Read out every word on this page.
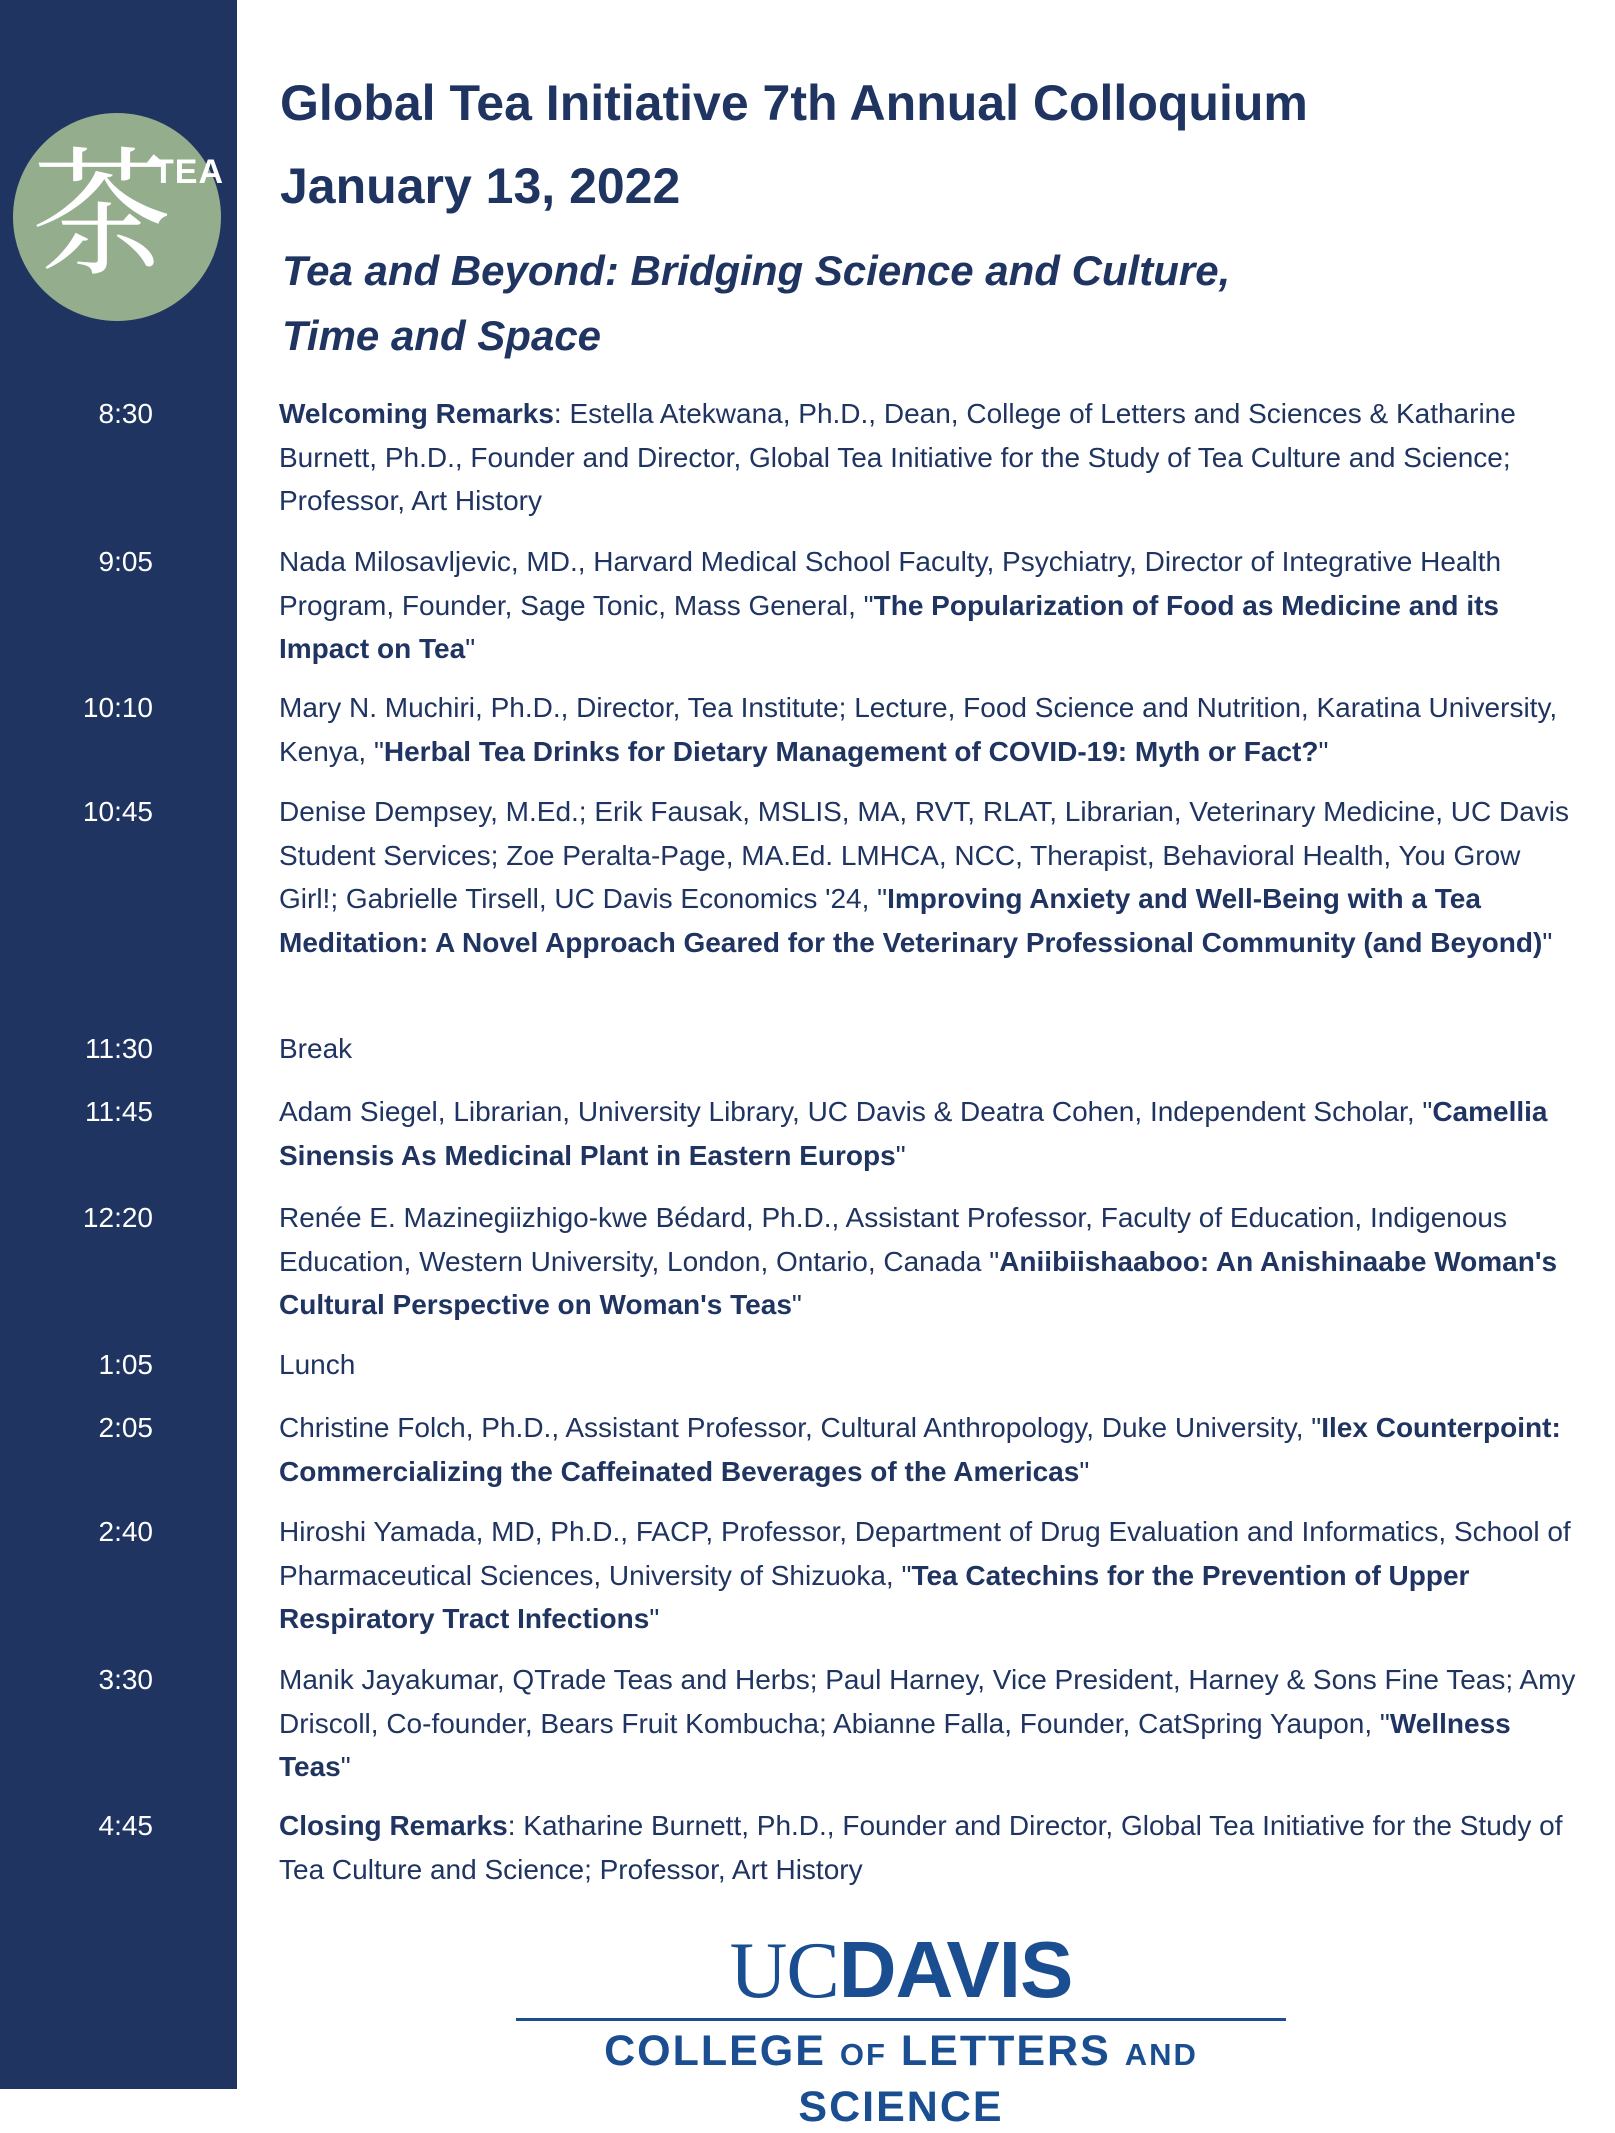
茶
TEA
Global Tea Initiative 7th Annual Colloquium
January 13, 2022
Tea and Beyond: Bridging Science and Culture,
Time and Space
8:30	Welcoming Remarks: Estella Atekwana, Ph.D., Dean, College of Letters and Sciences & Katharine Burnett, Ph.D., Founder and Director, Global Tea Initiative for the Study of Tea Culture and Science; Professor, Art History
9:05	Nada Milosavljevic, MD., Harvard Medical School Faculty, Psychiatry, Director of Integrative Health Program, Founder, Sage Tonic, Mass General, "The Popularization of Food as Medicine and its Impact on Tea"
10:10	Mary N. Muchiri, Ph.D., Director, Tea Institute; Lecture, Food Science and Nutrition, Karatina University, Kenya, "Herbal Tea Drinks for Dietary Management of COVID-19: Myth or Fact?"
10:45	Denise Dempsey, M.Ed.; Erik Fausak, MSLIS, MA, RVT, RLAT, Librarian, Veterinary Medicine, UC Davis Student Services; Zoe Peralta-Page, MA.Ed. LMHCA, NCC, Therapist, Behavioral Health, You Grow Girl!; Gabrielle Tirsell, UC Davis Economics '24, "Improving Anxiety and Well-Being with a Tea Meditation: A Novel Approach Geared for the Veterinary Professional Community (and Beyond)"
11:30	Break
11:45	Adam Siegel, Librarian, University Library, UC Davis & Deatra Cohen, Independent Scholar, "Camellia Sinensis As Medicinal Plant in Eastern Europs"
12:20	Renée E. Mazinegiizhigo-kwe Bédard, Ph.D., Assistant Professor, Faculty of Education, Indigenous Education, Western University, London, Ontario, Canada "Aniibiishaaboo: An Anishinaabe Woman's Cultural Perspective on Woman's Teas"
1:05	Lunch
2:05	Christine Folch, Ph.D., Assistant Professor, Cultural Anthropology, Duke University, "Ilex Counterpoint: Commercializing the Caffeinated Beverages of the Americas"
2:40	Hiroshi Yamada, MD, Ph.D., FACP, Professor, Department of Drug Evaluation and Informatics, School of Pharmaceutical Sciences, University of Shizuoka, "Tea Catechins for the Prevention of Upper Respiratory Tract Infections"
3:30	Manik Jayakumar, QTrade Teas and Herbs; Paul Harney, Vice President, Harney & Sons Fine Teas; Amy Driscoll, Co-founder, Bears Fruit Kombucha; Abianne Falla, Founder, CatSpring Yaupon, "Wellness Teas"
4:45	Closing Remarks: Katharine Burnett, Ph.D., Founder and Director, Global Tea Initiative for the Study of Tea Culture and Science; Professor, Art History
UCDAVIS
COLLEGE OF LETTERS AND SCIENCE
